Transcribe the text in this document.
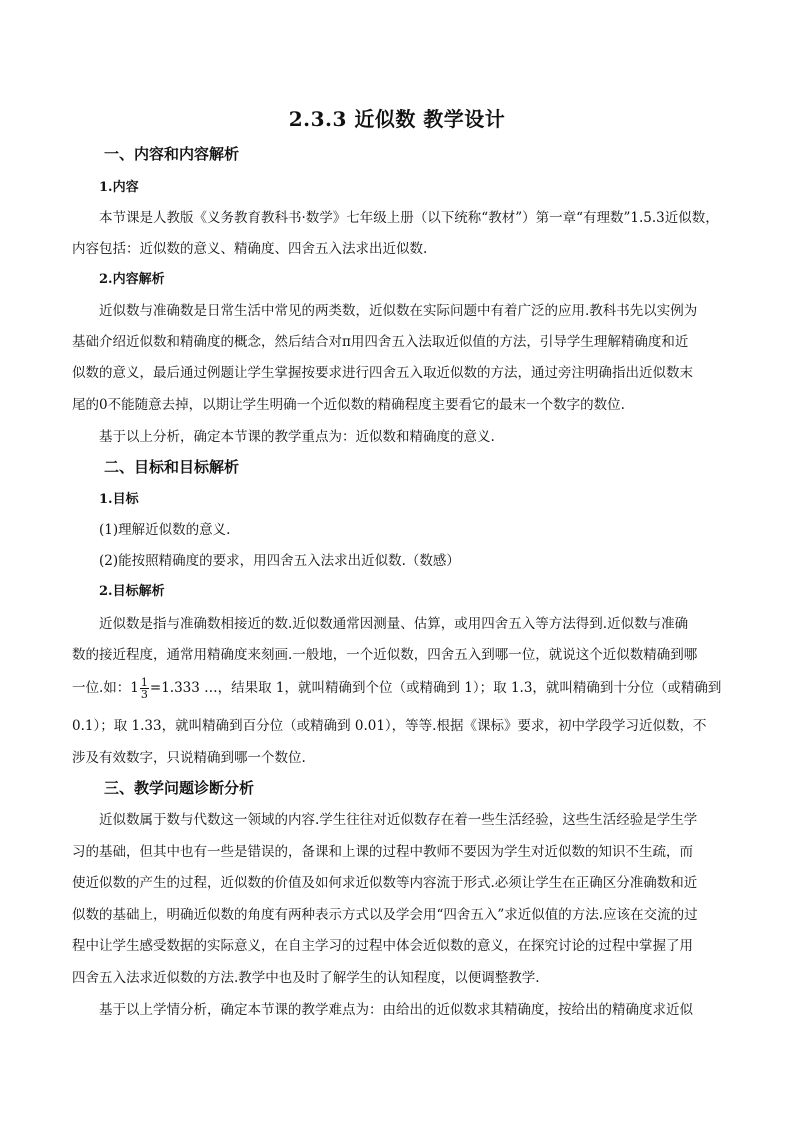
2.3.3 近似数 教学设计
一、内容和内容解析
1.内容
本节课是人教版《义务教育教科书·数学》七年级上册（以下统称“教材”）第一章“有理数”1.5.3近似数，
内容包括：近似数的意义、精确度、四舍五入法求出近似数.
2.内容解析
近似数与准确数是日常生活中常见的两类数，近似数在实际问题中有着广泛的应用.教科书先以实例为
基础介绍近似数和精确度的概念，然后结合对π用四舍五入法取近似值的方法，引导学生理解精确度和近
似数的意义，最后通过例题让学生掌握按要求进行四舍五入取近似数的方法，通过旁注明确指出近似数末
尾的0不能随意去掉，以期让学生明确一个近似数的精确程度主要看它的最末一个数字的数位.
基于以上分析，确定本节课的教学重点为：近似数和精确度的意义.
二、目标和目标解析
1.目标
(1)理解近似数的意义.
(2)能按照精确度的要求，用四舍五入法求出近似数.（数感）
2.目标解析
近似数是指与准确数相接近的数.近似数通常因测量、估算，或用四舍五入等方法得到.近似数与准确
数的接近程度，通常用精确度来刻画.一般地，一个近似数，四舍五入到哪一位，就说这个近似数精确到哪
一位.如：$1 \frac{1}{3} =1.333$ …，结果取 1，就叫精确到个位（或精确到 1）；取 1.3，就叫精确到十分位（或精确到
0.1）；取 1.33，就叫精确到百分位（或精确到 0.01），等等.根据《课标》要求，初中学段学习近似数，不
涉及有效数字，只说精确到哪一个数位.
三、教学问题诊断分析
近似数属于数与代数这一领域的内容.学生往往对近似数存在着一些生活经验，这些生活经验是学生学
习的基础，但其中也有一些是错误的，备课和上课的过程中教师不要因为学生对近似数的知识不生疏，而
使近似数的产生的过程，近似数的价值及如何求近似数等内容流于形式.必须让学生在正确区分准确数和近
似数的基础上，明确近似数的角度有两种表示方式以及学会用“四舍五入”求近似值的方法.应该在交流的过
程中让学生感受数据的实际意义，在自主学习的过程中体会近似数的意义，在探究讨论的过程中掌握了用
四舍五入法求近似数的方法.教学中也及时了解学生的认知程度，以便调整教学.
基于以上学情分析，确定本节课的教学难点为：由给出的近似数求其精确度，按给出的精确度求近似
